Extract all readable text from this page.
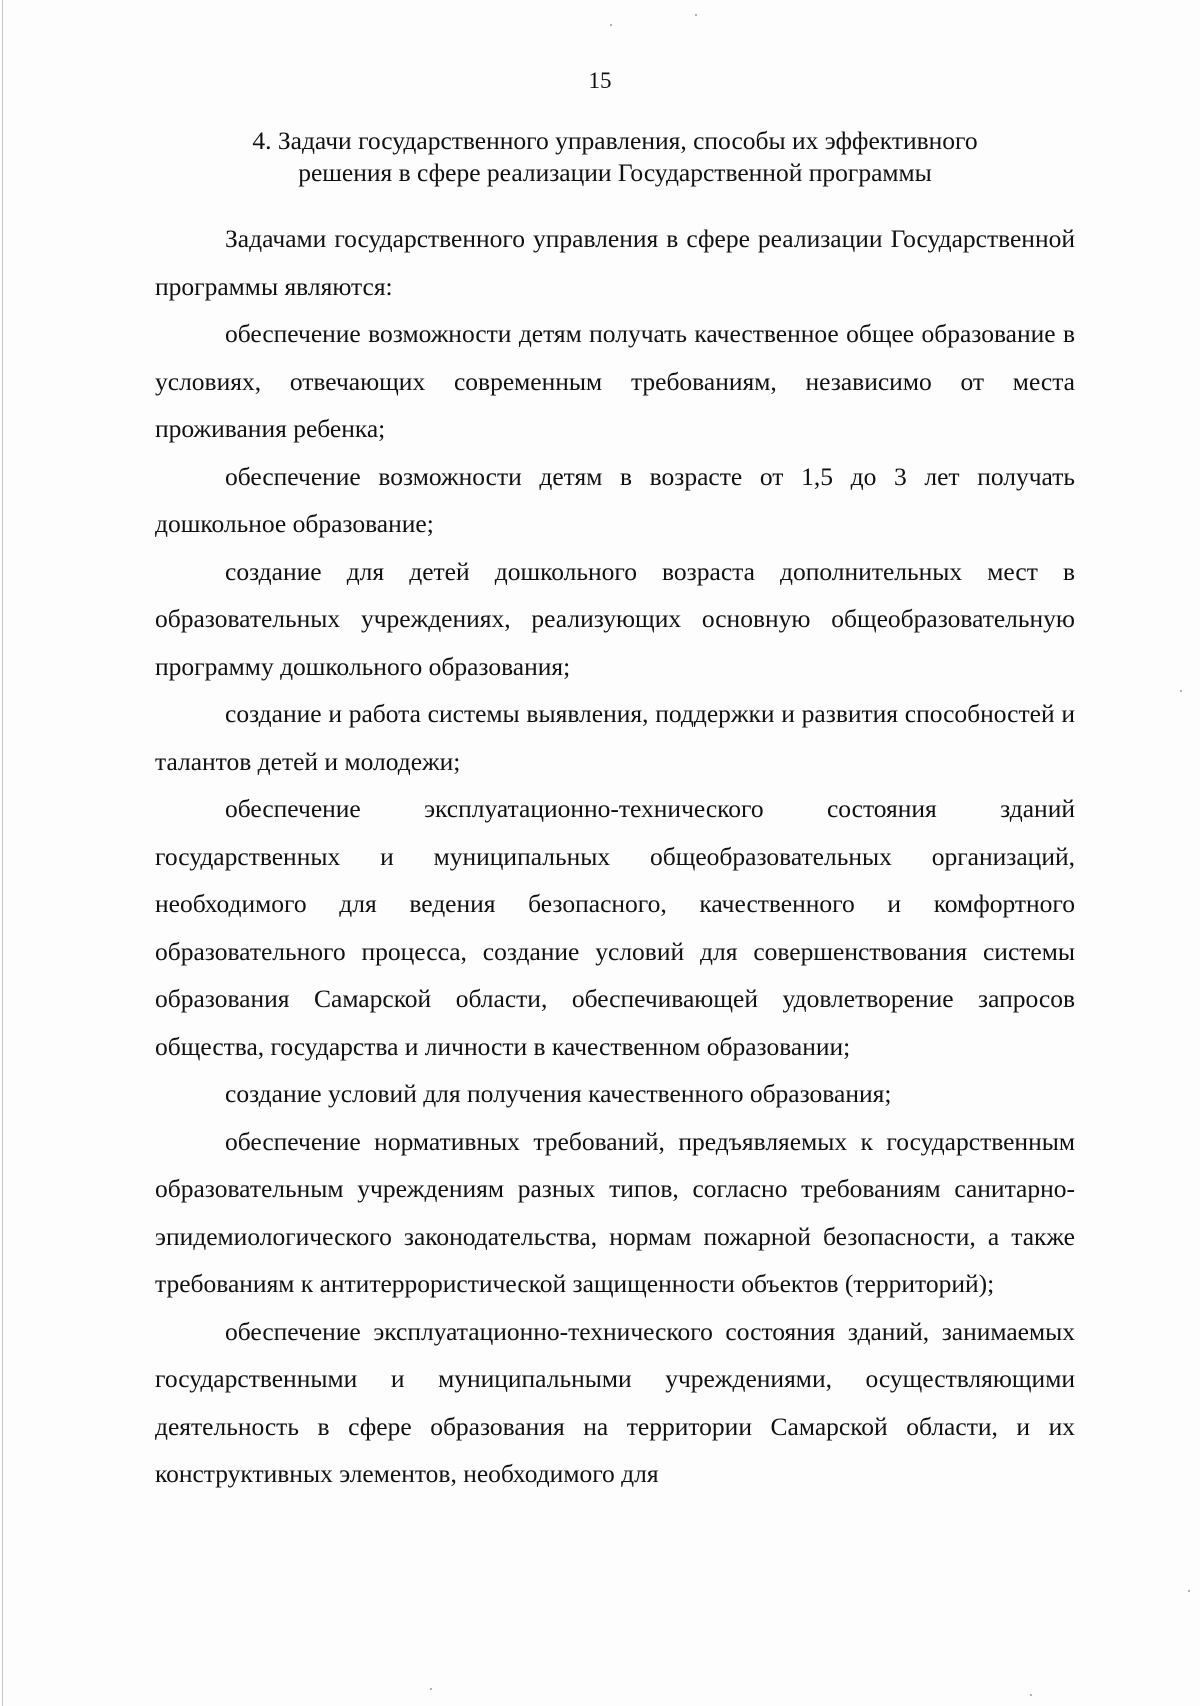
15
4. Задачи государственного управления, способы их эффективного
решения в сфере реализации Государственной программы

Задачами государственного управления в сфере реализации Государственной программы являются:

обеспечение возможности детям получать качественное общее образование в условиях, отвечающих современным требованиям, независимо от места проживания ребенка;

обеспечение возможности детям в возрасте от 1,5 до 3 лет получать дошкольное образование;

создание для детей дошкольного возраста дополнительных мест в образовательных учреждениях, реализующих основную общеобразовательную программу дошкольного образования;

создание и работа системы выявления, поддержки и развития способностей и талантов детей и молодежи;

обеспечение эксплуатационно-технического состояния зданий государственных и муниципальных общеобразовательных организаций, необходимого для ведения безопасного, качественного и комфортного образовательного процесса, создание условий для совершенствования системы образования Самарской области, обеспечивающей удовлетворение запросов общества, государства и личности в качественном образовании;

создание условий для получения качественного образования;

обеспечение нормативных требований, предъявляемых к государственным образовательным учреждениям разных типов, согласно требованиям санитарно-эпидемиологического законодательства, нормам пожарной безопасности, а также требованиям к антитеррористической защищенности объектов (территорий);

обеспечение эксплуатационно-технического состояния зданий, занимаемых государственными и муниципальными учреждениями, осуществляющими деятельность в сфере образования на территории Самарской области, и их конструктивных элементов, необходимого для
